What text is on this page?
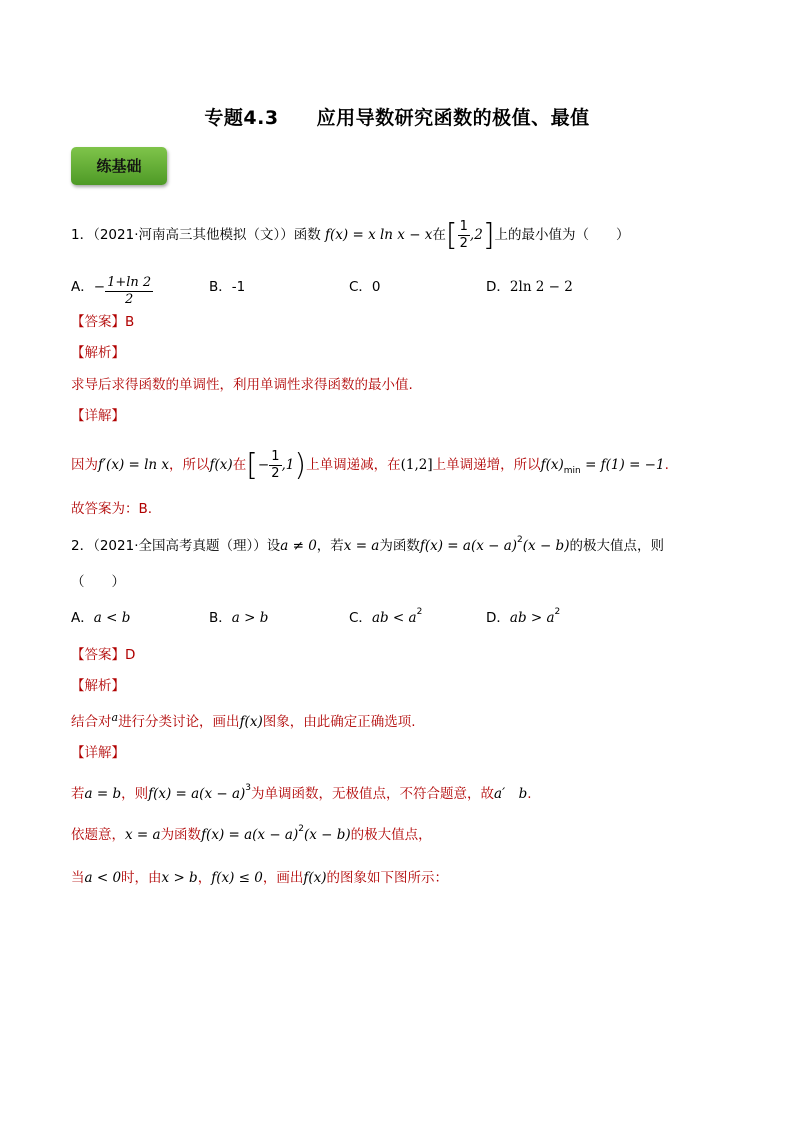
专题4.3 应用导数研究函数的极值、最值
练基础
1．（2021·河南高三其他模拟（文））函数 f(x) = x ln x − x在[ $\frac{1}{2} ,2$]上的最小值为（　　）
A．− $\frac{1+\ln 2}{2}$	B．-1	C．0	D．2ln 2 − 2
【答案】B
【解析】
求导后求得函数的单调性，利用单调性求得函数的最小值.
【详解】
因为f′(x) = ln x，所以f(x)在[− $\frac{1}{2} ,1$)上单调递减，在(1,2]上单调递增，所以$f(x)_{min} = f(1) = -1$.
故答案为：B.
2．（2021·全国高考真题（理））设a ≠ 0，若x = a为函数$f(x) = a(x - a)^2(x - b)$的极大值点，则
（　　）
A．a < b	B．a > b	C．ab < $a^2$	D．ab > $a^2$
【答案】D
【解析】
结合对$^a$进行分类讨论，画出f(x)图象，由此确定正确选项.
【详解】
若a = b，则$f(x) = a(x - a)^3$为单调函数，无极值点，不符合题意，故a′　b.
依题意，x = a为函数$f(x) = a(x - a)^2(x - b)$的极大值点，
当a < 0时，由x > b，f(x) ≤ 0，画出f(x)的图象如下图所示：
